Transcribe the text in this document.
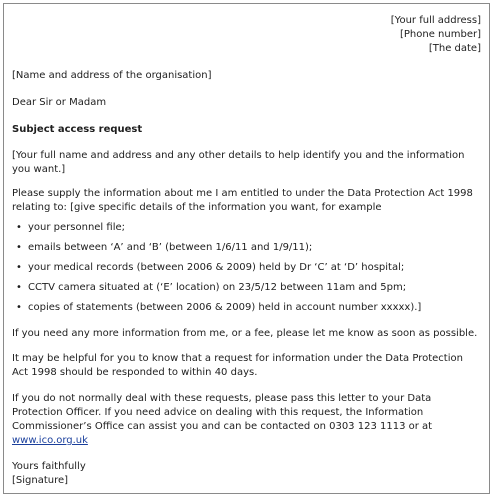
[Your full address]
[Phone number]
[The date]

[Name and address of the organisation]

Dear Sir or Madam

Subject access request

[Your full name and address and any other details to help identify you and the information you want.]

Please supply the information about me I am entitled to under the Data Protection Act 1998 relating to: [give specific details of the information you want, for example

• your personnel file;
• emails between ‘A’ and ‘B’ (between 1/6/11 and 1/9/11);
• your medical records (between 2006 & 2009) held by Dr ‘C’ at ‘D’ hospital;
• CCTV camera situated at (‘E’ location) on 23/5/12 between 11am and 5pm;
• copies of statements (between 2006 & 2009) held in account number xxxxx).]

If you need any more information from me, or a fee, please let me know as soon as possible.

It may be helpful for you to know that a request for information under the Data Protection Act 1998 should be responded to within 40 days.

If you do not normally deal with these requests, please pass this letter to your Data Protection Officer. If you need advice on dealing with this request, the Information Commissioner’s Office can assist you and can be contacted on 0303 123 1113 or at
www.ico.org.uk

Yours faithfully

[Signature]
